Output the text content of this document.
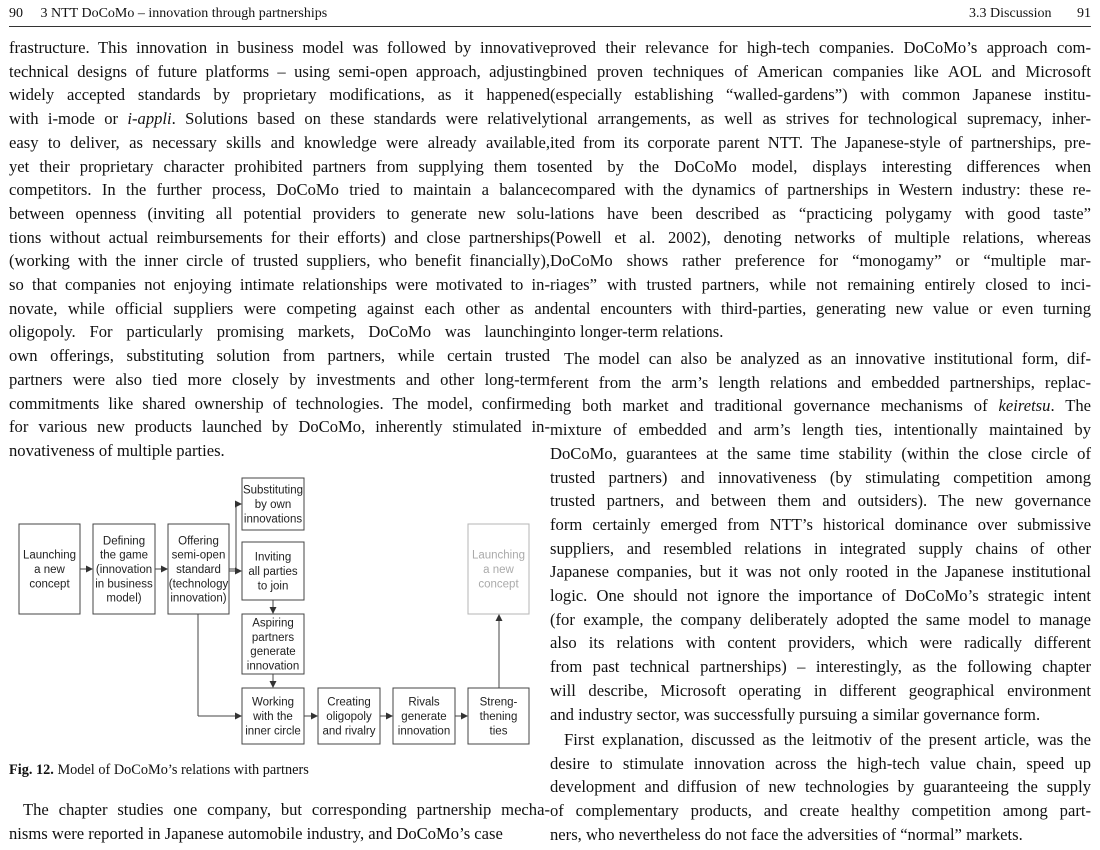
90 3 NTT DoCoMo – innovation through partnerships
frastructure. This innovation in business model was followed by innovative
technical designs of future platforms – using semi-open approach, adjusting
widely accepted standards by proprietary modifications, as it happened
with i-mode or i-appli. Solutions based on these standards were relatively
easy to deliver, as necessary skills and knowledge were already available,
yet their proprietary character prohibited partners from supplying them to
competitors. In the further process, DoCoMo tried to maintain a balance
between openness (inviting all potential providers to generate new solu-
tions without actual reimbursements for their efforts) and close partnerships
(working with the inner circle of trusted suppliers, who benefit financially),
so that companies not enjoying intimate relationships were motivated to in-
novate, while official suppliers were competing against each other as an
oligopoly. For particularly promising markets, DoCoMo was launching
own offerings, substituting solution from partners, while certain trusted
partners were also tied more closely by investments and other long-term
commitments like shared ownership of technologies. The model, confirmed
for various new products launched by DoCoMo, inherently stimulated in-
novativeness of multiple parties.
Launching
a new
concept
Defining
the game
(innovation
in business
model)
Offering
semi-open
standard
(technology
innovation)
Substituting
by own
innovations
Inviting
all parties
to join
Aspiring
partners
generate
innovation
Working
with the
inner circle
Creating
oligopoly
and rivalry
Rivals
generate
innovation
Streng-
thening
ties
Launching
a new
concept
Fig. 12. Model of DoCoMo’s relations with partners
The chapter studies one company, but corresponding partnership mecha-
nisms were reported in Japanese automobile industry, and DoCoMo’s case
3.3 Discussion 91
proved their relevance for high-tech companies. DoCoMo’s approach com-
bined proven techniques of American companies like AOL and Microsoft
(especially establishing “walled-gardens”) with common Japanese institu-
tional arrangements, as well as strives for technological supremacy, inher-
ited from its corporate parent NTT. The Japanese-style of partnerships, pre-
sented by the DoCoMo model, displays interesting differences when
compared with the dynamics of partnerships in Western industry: these re-
lations have been described as “practicing polygamy with good taste”
(Powell et al. 2002), denoting networks of multiple relations, whereas
DoCoMo shows rather preference for “monogamy” or “multiple mar-
riages” with trusted partners, while not remaining entirely closed to inci-
dental encounters with third-parties, generating new value or even turning
into longer-term relations.
The model can also be analyzed as an innovative institutional form, dif-
ferent from the arm’s length relations and embedded partnerships, replac-
ing both market and traditional governance mechanisms of keiretsu. The
mixture of embedded and arm’s length ties, intentionally maintained by
DoCoMo, guarantees at the same time stability (within the close circle of
trusted partners) and innovativeness (by stimulating competition among
trusted partners, and between them and outsiders). The new governance
form certainly emerged from NTT’s historical dominance over submissive
suppliers, and resembled relations in integrated supply chains of other
Japanese companies, but it was not only rooted in the Japanese institutional
logic. One should not ignore the importance of DoCoMo’s strategic intent
(for example, the company deliberately adopted the same model to manage
also its relations with content providers, which were radically different
from past technical partnerships) – interestingly, as the following chapter
will describe, Microsoft operating in different geographical environment
and industry sector, was successfully pursuing a similar governance form.
First explanation, discussed as the leitmotiv of the present article, was the
desire to stimulate innovation across the high-tech value chain, speed up
development and diffusion of new technologies by guaranteeing the supply
of complementary products, and create healthy competition among part-
ners, who nevertheless do not face the adversities of “normal” markets.
